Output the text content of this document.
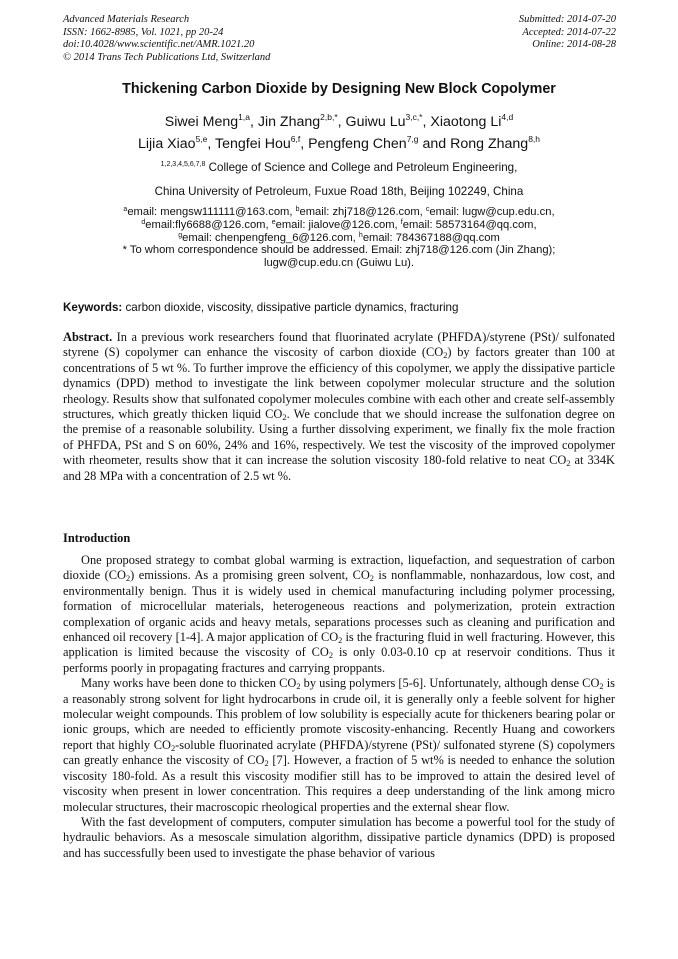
Advanced Materials Research
ISSN: 1662-8985, Vol. 1021, pp 20-24
doi:10.4028/www.scientific.net/AMR.1021.20
© 2014 Trans Tech Publications Ltd, Switzerland
Submitted: 2014-07-20
Accepted: 2014-07-22
Online: 2014-08-28
Thickening Carbon Dioxide by Designing New Block Copolymer
Siwei Meng$^{1,a}$, Jin Zhang$^{2,b,*}$, Guiwu $Lu^{3,c,*}$, Xiaotong Li$^{4,d}$
Lijia Xiao$^{5,e}$, Tengfei Hou$^{6,f}$, Pengfeng Chen$^{7,g}$ and Rong Zhang$^{8,h}$
$^{1,2,3,4,5,6,7,8}$ College of Science and College and Petroleum Engineering,
China University of Petroleum, Fuxue Road 18th, Beijing 102249, China
$^a$email: mengsw111111@163.com, $^b$email: zhj718@126.com, $^c$email: lugw@cup.edu.cn,
$^d$email:fly6688@126.com, $^e$email: jialove@126.com, $^f$email: 58573164@qq.com,
$^g$email: chenpengfeng_6@126.com, $^h$email: 784367188@qq.com
* To whom correspondence should be addressed. Email: zhj718@126.com (Jin Zhang);
lugw@cup.edu.cn (Guiwu Lu).
Keywords: carbon dioxide, viscosity, dissipative particle dynamics, fracturing
Abstract. In a previous work researchers found that fluorinated acrylate (PHFDA)/styrene (PSt)/ sulfonated styrene (S) copolymer can enhance the viscosity of carbon dioxide $(CO_2)$ by factors greater than 100 at concentrations of 5 wt %. To further improve the efficiency of this copolymer, we apply the dissipative particle dynamics (DPD) method to investigate the link between copolymer molecular structure and the solution rheology. Results show that sulfonated copolymer molecules combine with each other and create self-assembly structures, which greatly thicken liquid $CO_2$. We conclude that we should increase the sulfonation degree on the premise of a reasonable solubility. Using a further dissolving experiment, we finally fix the mole fraction of PHFDA, PSt and S on 60%, 24% and 16%, respectively. We test the viscosity of the improved copolymer with rheometer, results show that it can increase the solution viscosity 180-fold relative to neat $CO_2$ at 334K and 28 MPa with a concentration of 2.5 wt %.
Introduction

One proposed strategy to combat global warming is extraction, liquefaction, and sequestration of carbon dioxide $(CO_2)$ emissions. As a promising green solvent, $CO_2$ is nonflammable, nonhazardous, low cost, and environmentally benign. Thus it is widely used in chemical manufacturing including polymer processing, formation of microcellular materials, heterogeneous reactions and polymerization, protein extraction complexation of organic acids and heavy metals, separations processes such as cleaning and purification and enhanced oil recovery [1-4]. A major application of $CO_2$ is the fracturing fluid in well fracturing. However, this application is limited because the viscosity of $CO_2$ is only 0.03-0.10 cp at reservoir conditions. Thus it performs poorly in propagating fractures and carrying proppants.

Many works have been done to thicken $CO_2$ by using polymers [5-6]. Unfortunately, although dense $CO_2$ is a reasonably strong solvent for light hydrocarbons in crude oil, it is generally only a feeble solvent for higher molecular weight compounds. This problem of low solubility is especially acute for thickeners bearing polar or ionic groups, which are needed to efficiently promote viscosity-enhancing. Recently Huang and coworkers report that highly $CO_2$-soluble fluorinated acrylate (PHFDA)/styrene (PSt)/ sulfonated styrene (S) copolymers can greatly enhance the viscosity of $CO_2$ [7]. However, a fraction of 5 wt% is needed to enhance the solution viscosity 180-fold. As a result this viscosity modifier still has to be improved to attain the desired level of viscosity when present in lower concentration. This requires a deep understanding of the link among micro molecular structures, their macroscopic rheological properties and the external shear flow.

With the fast development of computers, computer simulation has become a powerful tool for the study of hydraulic behaviors. As a mesoscale simulation algorithm, dissipative particle dynamics (DPD) is proposed and has successfully been used to investigate the phase behavior of various
